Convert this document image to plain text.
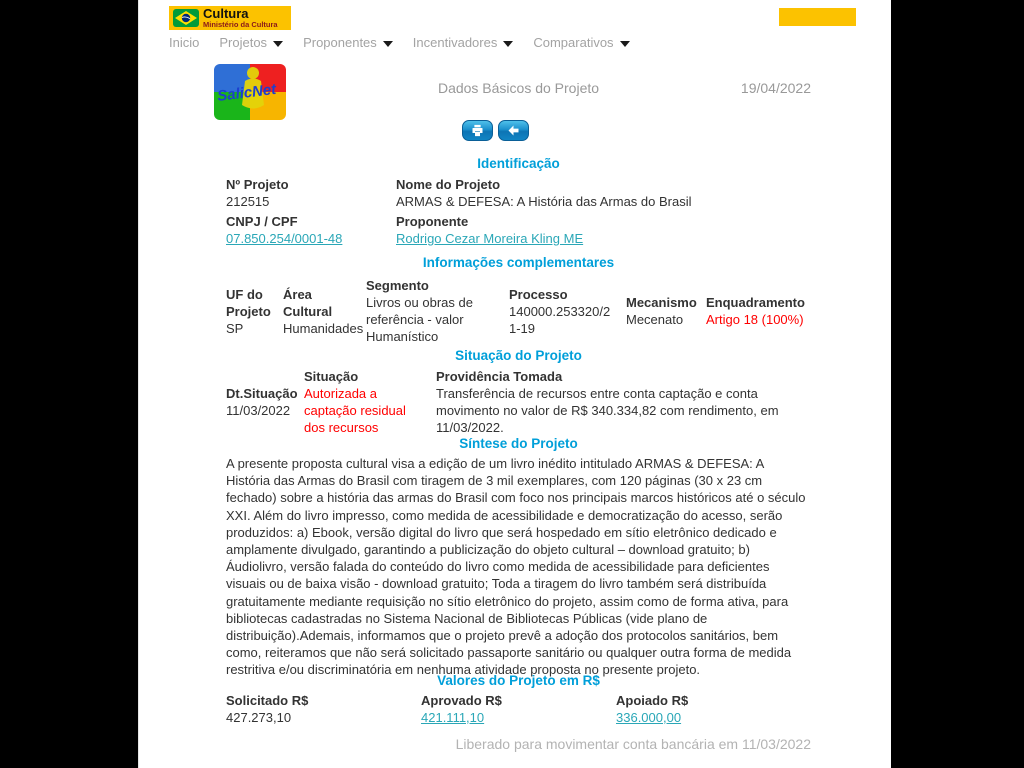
Cultura
Ministério da Cultura
Inicio Projetos	Proponentes	Incentivadores	Comparativos
SalicNet	Dados Básicos do Projeto	19/04/2022
Identificação
Nº Projeto
212515
Nome do Projeto
ARMAS & DEFESA: A História das Armas do Brasil
CNPJ / CPF
07.850.254/0001-48
Proponente
Rodrigo Cezar Moreira Kling ME
Informações complementares
UF do Projeto
SP
Área Cultural
Humanidades
Segmento
Livros ou obras de referência - valor Humanístico
Processo
140000.253320/21-19
Mecanismo
Mecenato
Enquadramento
Artigo 18 (100%)
Situação do Projeto
Dt.Situação
11/03/2022
Situação
Autorizada a captação residual dos recursos
Providência Tomada
Transferência de recursos entre conta captação e conta movimento no valor de R$ 340.334,82 com rendimento, em 11/03/2022.
Síntese do Projeto
A presente proposta cultural visa a edição de um livro inédito intitulado ARMAS & DEFESA: A História das Armas do Brasil com tiragem de 3 mil exemplares, com 120 páginas (30 x 23 cm fechado) sobre a história das armas do Brasil com foco nos principais marcos históricos até o século XXI. Além do livro impresso, como medida de acessibilidade e democratização do acesso, serão produzidos: a) Ebook, versão digital do livro que será hospedado em sítio eletrônico dedicado e amplamente divulgado, garantindo a publicização do objeto cultural – download gratuito; b) Áudiolivro, versão falada do conteúdo do livro como medida de acessibilidade para deficientes visuais ou de baixa visão - download gratuito; Toda a tiragem do livro também será distribuída gratuitamente mediante requisição no sítio eletrônico do projeto, assim como de forma ativa, para bibliotecas cadastradas no Sistema Nacional de Bibliotecas Públicas (vide plano de distribuição).Ademais, informamos que o projeto prevê a adoção dos protocolos sanitários, bem como, reiteramos que não será solicitado passaporte sanitário ou qualquer outra forma de medida restritiva e/ou discriminatória em nenhuma atividade proposta no presente projeto.
Valores do Projeto em R$
Solicitado R$
427.273,10
Aprovado R$
421.111,10
Apoiado R$
336.000,00
Liberado para movimentar conta bancária em 11/03/2022
